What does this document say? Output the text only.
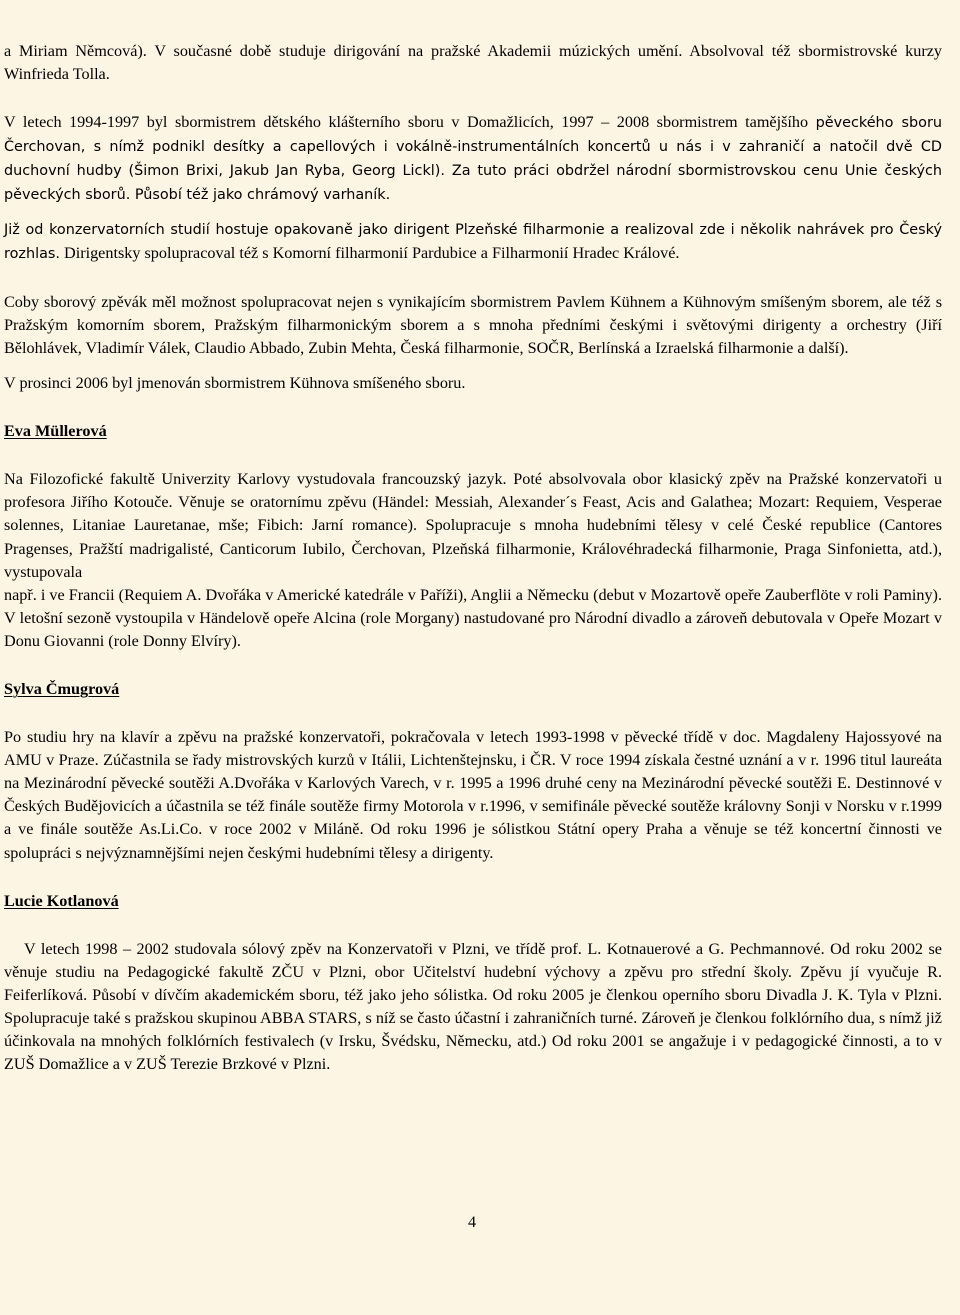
a Miriam Němcová). V současné době studuje dirigování na pražské Akademii múzických umění. Absolvoval též sbormistrovské kurzy Winfrieda Tolla.

V letech 1994-1997 byl sbormistrem dětského klášterního sboru v Domažlicích, 1997 – 2008 sbormistrem tamějšího pěveckého sboru Čerchovan, s nímž podnikl desítky a capellových i vokálně-instrumentálních koncertů u nás i v zahraničí a natočil dvě CD duchovní hudby (Šimon Brixi, Jakub Jan Ryba, Georg Lickl). Za tuto práci obdržel národní sbormistrovskou cenu Unie českých pěveckých sborů. Působí též jako chrámový varhaník.

Již od konzervatorních studií hostuje opakovaně jako dirigent Plzeňské filharmonie a realizoval zde i několik nahrávek pro Český rozhlas. Dirigentsky spolupracoval též s Komorní filharmonií Pardubice a Filharmonií Hradec Králové.

Coby sborový zpěvák měl možnost spolupracovat nejen s vynikajícím sbormistrem Pavlem Kühnem a Kühnovým smíšeným sborem, ale též s Pražským komorním sborem, Pražským filharmonickým sborem a s mnoha předními českými i světovými dirigenty a orchestry (Jiří Bělohlávek, Vladimír Válek, Claudio Abbado, Zubin Mehta, Česká filharmonie, SOČR, Berlínská a Izraelská filharmonie a další).

V prosinci 2006 byl jmenován sbormistrem Kühnova smíšeného sboru.

Eva Müllerová

Na Filozofické fakultě Univerzity Karlovy vystudovala francouzský jazyk. Poté absolvovala obor klasický zpěv na Pražské konzervatoři u profesora Jiřího Kotouče. Věnuje se oratornímu zpěvu (Händel: Messiah, Alexander´s Feast, Acis and Galathea; Mozart: Requiem, Vesperae solennes, Litaniae Lauretanae, mše; Fibich: Jarní romance). Spolupracuje s mnoha hudebními tělesy v celé České republice (Cantores Pragenses, Pražští madrigalisté, Canticorum Iubilo, Čerchovan, Plzeňská filharmonie, Královéhradecká filharmonie, Praga Sinfonietta, atd.), vystupovala

např. i ve Francii (Requiem A. Dvořáka v Americké katedrále v Paříži), Anglii a Německu (debut v Mozartově opeře Zauberflöte v roli Paminy). V letošní sezoně vystoupila v Händelově opeře Alcina (role Morgany) nastudované pro Národní divadlo a zároveň debutovala v Opeře Mozart v Donu Giovanni (role Donny Elvíry).

Sylva Čmugrová

Po studiu hry na klavír a zpěvu na pražské konzervatoři, pokračovala v letech 1993-1998 v pěvecké třídě v doc. Magdaleny Hajossyové na AMU v Praze. Zúčastnila se řady mistrovských kurzů v Itálii, Lichtenštejnsku, i ČR. V roce 1994 získala čestné uznání a v r. 1996 titul laureáta na Mezinárodní pěvecké soutěži A.Dvořáka v Karlových Varech, v r. 1995 a 1996 druhé ceny na Mezinárodní pěvecké soutěži E. Destinnové v Českých Budějovicích a účastnila se též finále soutěže firmy Motorola v r.1996, v semifinále pěvecké soutěže královny Sonji v Norsku v r.1999 a ve finále soutěže As.Li.Co. v roce 2002 v Miláně. Od roku 1996 je sólistkou Státní opery Praha a věnuje se též koncertní činnosti ve spolupráci s nejvýznamnějšími nejen českými hudebními tělesy a dirigenty.

Lucie Kotlanová

V letech 1998 – 2002 studovala sólový zpěv na Konzervatoři v Plzni, ve třídě prof. L. Kotnauerové a G. Pechmannové. Od roku 2002 se věnuje studiu na Pedagogické fakultě ZČU v Plzni, obor Učitelství hudební výchovy a zpěvu pro střední školy. Zpěvu jí vyučuje R. Feiferlíková. Působí v dívčím akademickém sboru, též jako jeho sólistka. Od roku 2005 je členkou operního sboru Divadla J. K. Tyla v Plzni. Spolupracuje také s pražskou skupinou ABBA STARS, s níž se často účastní i zahraničních turné. Zároveň je členkou folklórního dua, s nímž již účinkovala na mnohých folklórních festivalech (v Irsku, Švédsku, Německu, atd.) Od roku 2001 se angažuje i v pedagogické činnosti, a to v ZUŠ Domažlice a v ZUŠ Terezie Brzkové v Plzni.

4
